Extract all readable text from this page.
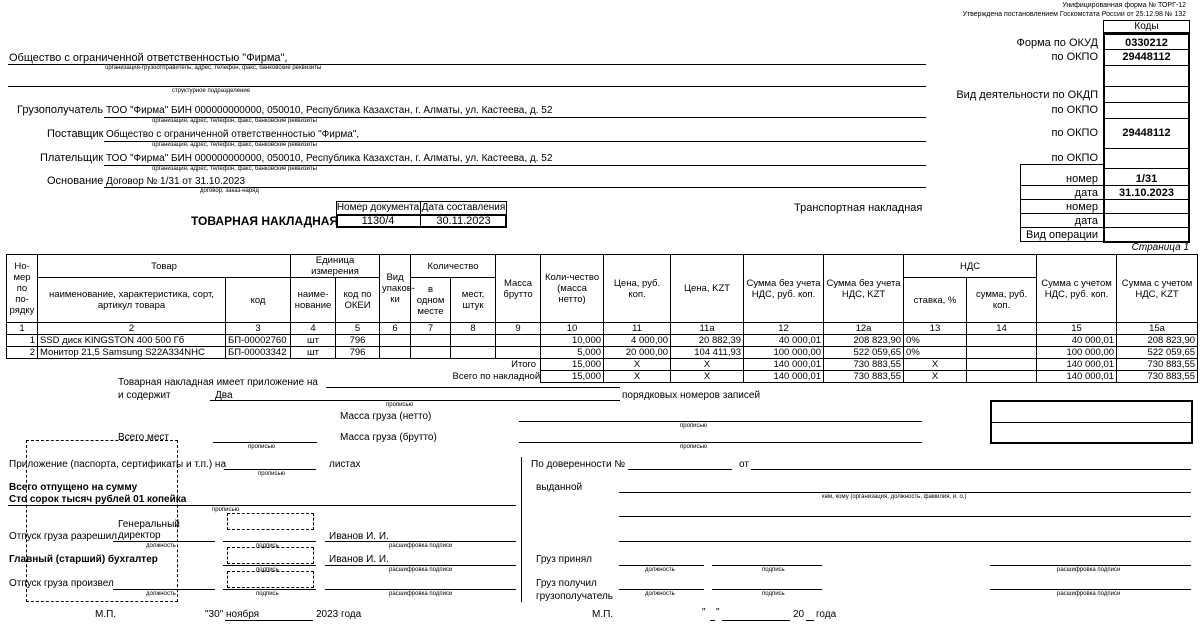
Унифицированная форма № ТОРГ-12
Утверждена постановлением Госкомстата России от 25.12.98 № 132
Коды
Форма по ОКУД	0330212
по ОКПО	29448112
Вид деятельности по ОКДП
по ОКПО
по ОКПО	29448112
по ОКПО
номер	1/31
дата	31.10.2023
номер
дата
Вид операции
Общество с ограниченной ответственностью "Фирма",
организация-грузоотправитель, адрес, телефон, факс, банковские реквизиты
структурное подразделение
Грузополучатель ТОО "Фирма" БИН 000000000000, 050010, Республика Казахстан, г. Алматы, ул. Кастеева, д. 52
организация, адрес, телефон, факс, банковские реквизиты
Поставщик Общество с ограниченной ответственностью "Фирма",
организация, адрес, телефон, факс, банковские реквизиты
Плательщик ТОО "Фирма" БИН 000000000000, 050010, Республика Казахстан, г. Алматы, ул. Кастеева, д. 52
организация, адрес, телефон, факс, банковские реквизиты
Основание Договор № 1/31 от 31.10.2023
договор, заказ-наряд
ТОВАРНАЯ НАКЛАДНАЯ
Номер документа Дата составления
1130/4	30.11.2023
Транспортная накладная
Страница 1
Но-мер по по-рядку	Товар		Единица измерения		Вид упаков-ки	Количество		Масса брутто	Коли-чество (масса нетто)	Цена, руб. коп.	Цена, KZT	Сумма без учета НДС, руб. коп.	Сумма без учета НДС, KZT	НДС		Сумма с учетом НДС, руб. коп.	Сумма с учетом НДС, KZT
	наименование, характеристика, сорт, артикул товара	код	наиме-нование	код по ОКЕИ		в одном месте	мест, штук							ставка, %	сумма, руб. коп.		
1	2	3	4	5	6	7	8	9	10	11	11a	12	12a	13	14	15	15a
1	SSD диск KINGSTON 400 500 Гб	БП-00002760	шт	796					10,000	4 000,00	20 882,39	40 000,01	208 823,90	0%		40 000,01	208 823,90
2	Монитор 21,5 Samsung S22A334NHC	БП-00003342	шт	796					5,000	20 000,00	104 411,93	100 000,00	522 059,65	0%		100 000,00	522 059,65
								Итого	15,000	X	X	140 000,01	730 883,55	X		140 000,01	730 883,55
							Всего по накладной		15,000	X	X	140 000,01	730 883,55	X		140 000,01	730 883,55
Товарная накладная имеет приложение на
и содержит	Два	порядковых номеров записей
прописью
Масса груза (нетто)
прописью
Масса груза (брутто)
прописью
Всего мест
прописью
Приложение (паспорта, сертификаты и т.п.) на
прописью
листах
Всего отпущено на сумму
Сто сорок тысяч рублей 01 копейка
прописью
Отпуск груза разрешил
Генеральный
директор	Иванов И. И.
должность	подпись	расшифровка подписи
Главный (старший) бухгалтер	Иванов И. И.
подпись	расшифровка подписи
Отпуск груза произвел
должность	подпись	расшифровка подписи
М.П.	"30" ноября	2023 года
По доверенности №	от
выданной
кем, кому (организация, должность, фамилия, и. о.)
Груз принял
должность	подпись	расшифровка подписи
Груз получил
грузополучатель	должность	подпись	расшифровка подписи
М.П.	" "	20 года
